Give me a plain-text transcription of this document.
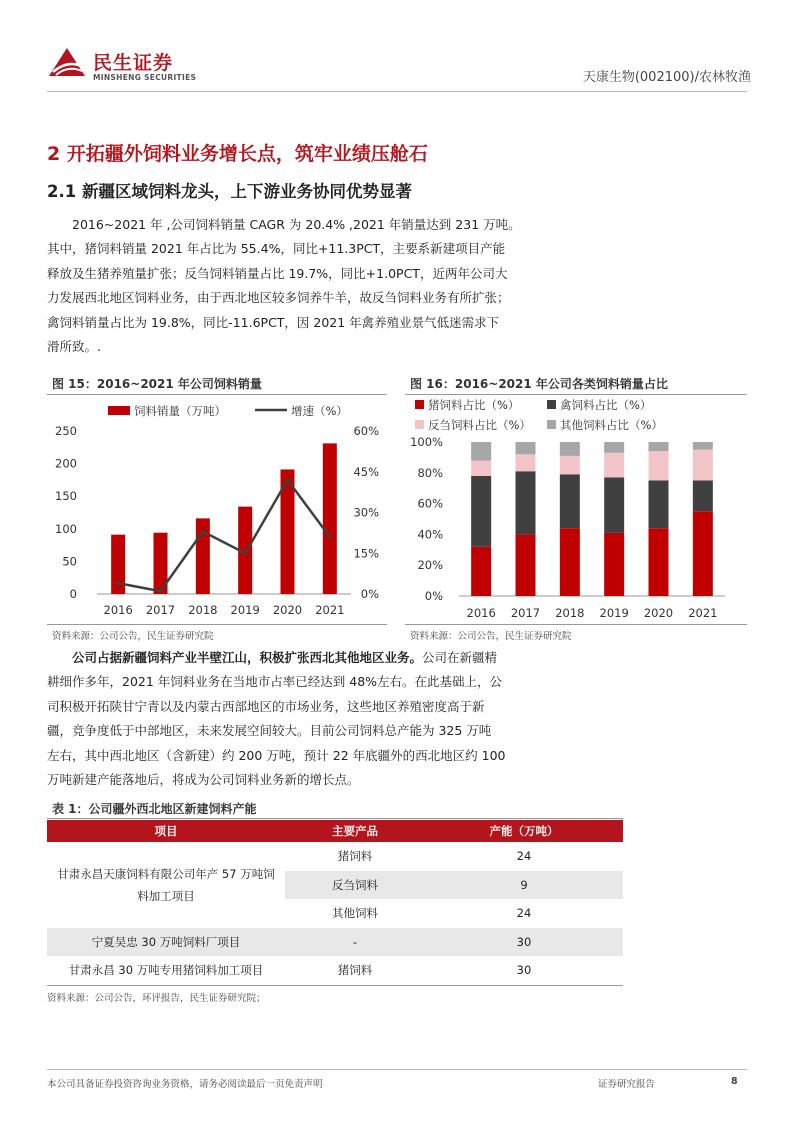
民生证券
MINSHENG SECURITIES	天康生物(002100)/农林牧渔
2 开拓疆外饲料业务增长点，筑牢业绩压舱石
2.1 新疆区域饲料龙头，上下游业务协同优势显著

　　2016~2021 年 ,公司饲料销量 CAGR 为 20.4% ,2021 年销量达到 231 万吨。

其中，猪饲料销量 2021 年占比为 55.4%，同比+11.3PCT，主要系新建项目产能

释放及生猪养殖量扩张；反刍饲料销量占比 19.7%，同比+1.0PCT，近两年公司大

力发展西北地区饲料业务，由于西北地区较多饲养牛羊，故反刍饲料业务有所扩张；

禽饲料销量占比为 19.8%，同比-11.6PCT，因 2021 年禽养殖业景气低迷需求下

滑所致。.

图 15：2016~2021 年公司饲料销量
饲料销量（万吨）	增速（%）
250
200
150
100
50
0
60%
45%
30%
15%
0%
2016 2017 2018 2019 2020 2021
资料来源：公司公告，民生证券研究院
图 16：2016~2021 年公司各类饲料销量占比
猪饲料占比（%）	禽饲料占比（%）
反刍饲料占比（%）	其他饲料占比（%）
100%
80%
60%
40%
20%
0%
2016 2017 2018 2019 2020 2021
资料来源：公司公告，民生证券研究院

公司占据新疆饲料产业半壁江山，积极扩张西北其他地区业务。公司在新疆精

耕细作多年，2021 年饲料业务在当地市占率已经达到 48%左右。在此基础上，公

司积极开拓陕甘宁青以及内蒙古西部地区的市场业务，这些地区养殖密度高于新

疆，竞争度低于中部地区，未来发展空间较大。目前公司饲料总产能为 325 万吨

左右，其中西北地区（含新建）约 200 万吨，预计 22 年底疆外的西北地区约 100

万吨新建产能落地后，将成为公司饲料业务新的增长点。

表 1：公司疆外西北地区新建饲料产能
项目	主要产品	产能（万吨）
甘肃永昌天康饲料有限公司年产 57 万吨饲料加工项目	猪饲料	24
	反刍饲料	9
	其他饲料	24
宁夏吴忠 30 万吨饲料厂项目	-	30
甘肃永昌 30 万吨专用猪饲料加工项目	猪饲料	30
资料来源：公司公告，环评报告，民生证券研究院；
本公司具备证券投资咨询业务资格，请务必阅读最后一页免责声明	证券研究报告	8
